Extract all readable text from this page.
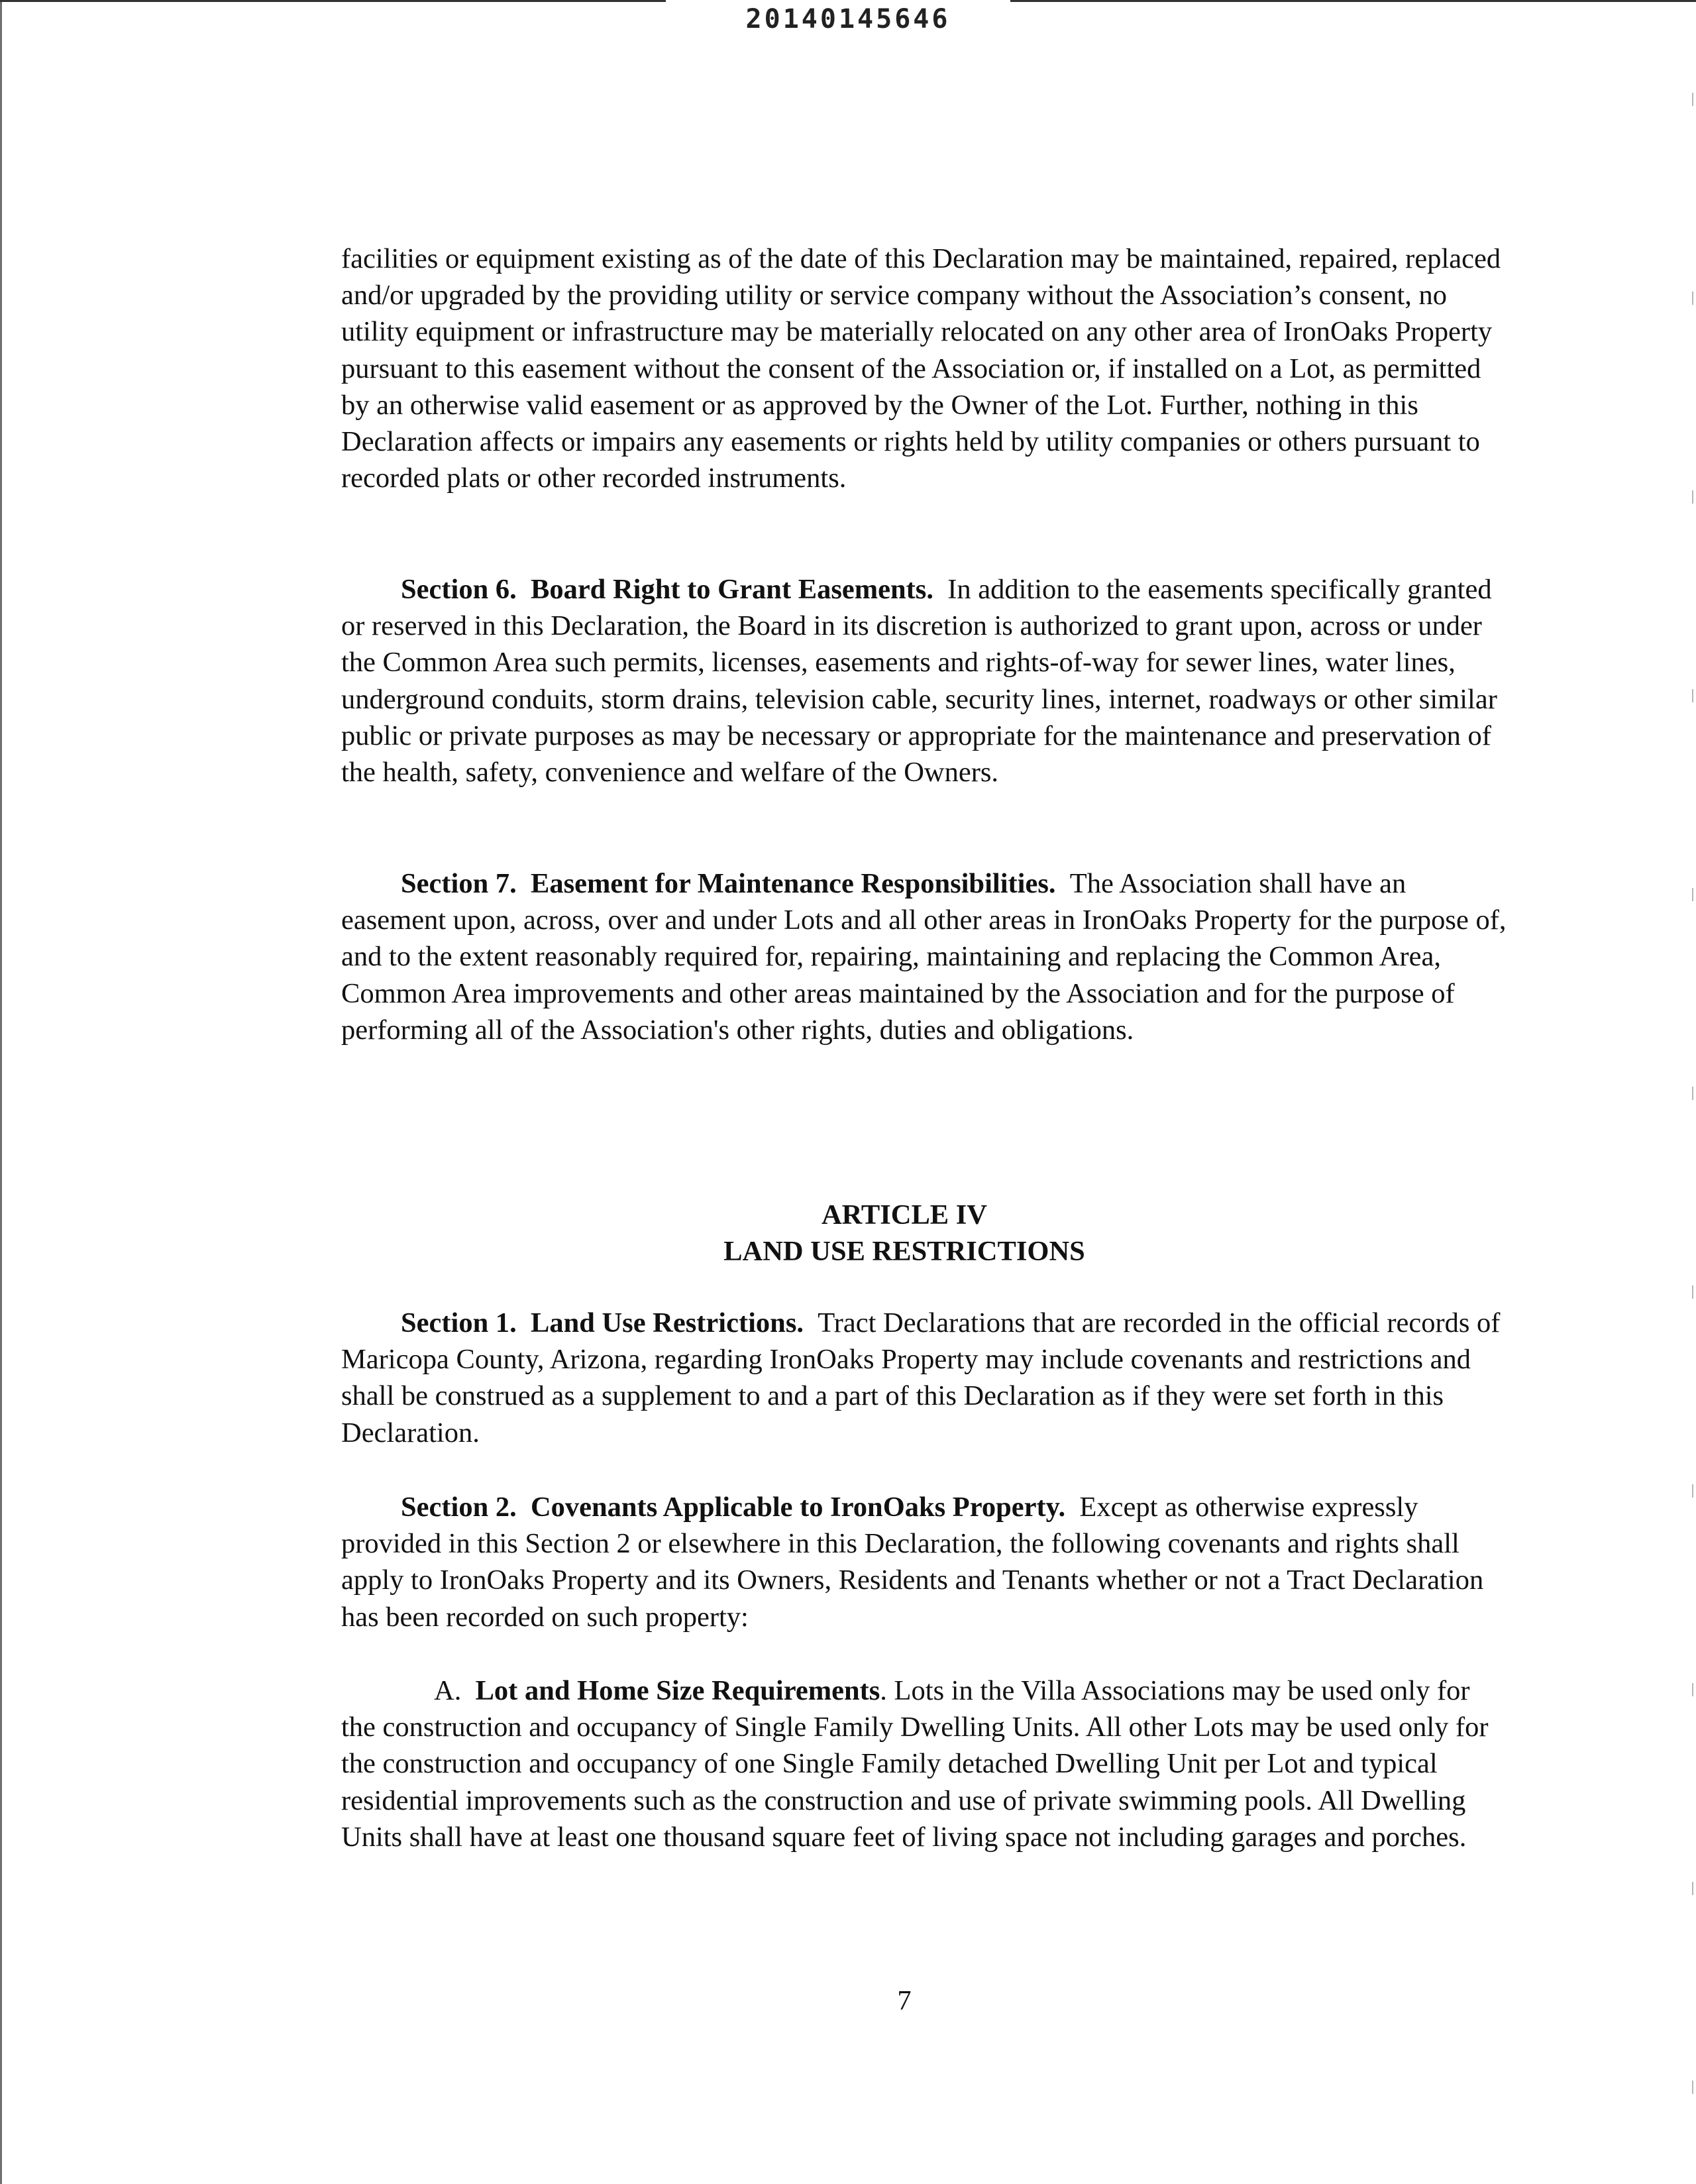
20140145646

facilities or equipment existing as of the date of this Declaration may be maintained, repaired, replaced and/or upgraded by the providing utility or service company without the Association’s consent, no utility equipment or infrastructure may be materially relocated on any other area of IronOaks Property pursuant to this easement without the consent of the Association or, if installed on a Lot, as permitted by an otherwise valid easement or as approved by the Owner of the Lot. Further, nothing in this Declaration affects or impairs any easements or rights held by utility companies or others pursuant to recorded plats or other recorded instruments.

Section 6. Board Right to Grant Easements. In addition to the easements specifically granted or reserved in this Declaration, the Board in its discretion is authorized to grant upon, across or under the Common Area such permits, licenses, easements and rights-of-way for sewer lines, water lines, underground conduits, storm drains, television cable, security lines, internet, roadways or other similar public or private purposes as may be necessary or appropriate for the maintenance and preservation of the health, safety, convenience and welfare of the Owners.

Section 7. Easement for Maintenance Responsibilities. The Association shall have an easement upon, across, over and under Lots and all other areas in IronOaks Property for the purpose of, and to the extent reasonably required for, repairing, maintaining and replacing the Common Area, Common Area improvements and other areas maintained by the Association and for the purpose of performing all of the Association's other rights, duties and obligations.

ARTICLE IV
LAND USE RESTRICTIONS

Section 1. Land Use Restrictions. Tract Declarations that are recorded in the official records of Maricopa County, Arizona, regarding IronOaks Property may include covenants and restrictions and shall be construed as a supplement to and a part of this Declaration as if they were set forth in this Declaration.

Section 2. Covenants Applicable to IronOaks Property. Except as otherwise expressly provided in this Section 2 or elsewhere in this Declaration, the following covenants and rights shall apply to IronOaks Property and its Owners, Residents and Tenants whether or not a Tract Declaration has been recorded on such property:

A. Lot and Home Size Requirements. Lots in the Villa Associations may be used only for the construction and occupancy of Single Family Dwelling Units. All other Lots may be used only for the construction and occupancy of one Single Family detached Dwelling Unit per Lot and typical residential improvements such as the construction and use of private swimming pools. All Dwelling Units shall have at least one thousand square feet of living space not including garages and porches.

7
